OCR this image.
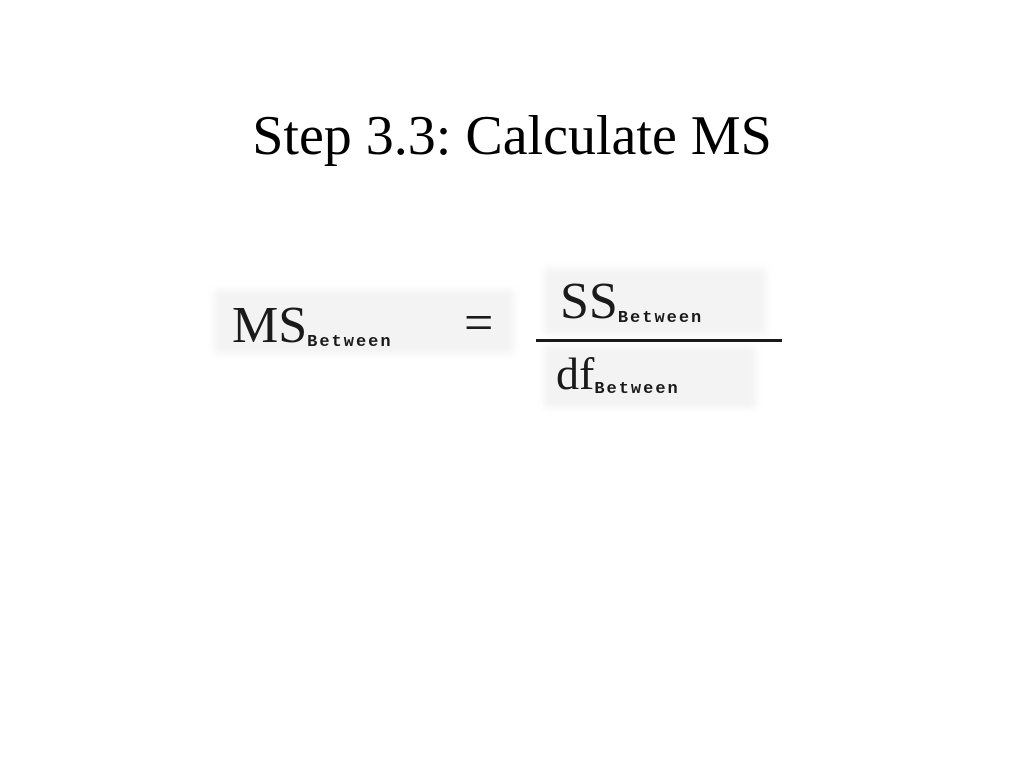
Step 3.3: Calculate MS
MSBetween = SSBetween
dfBetween
